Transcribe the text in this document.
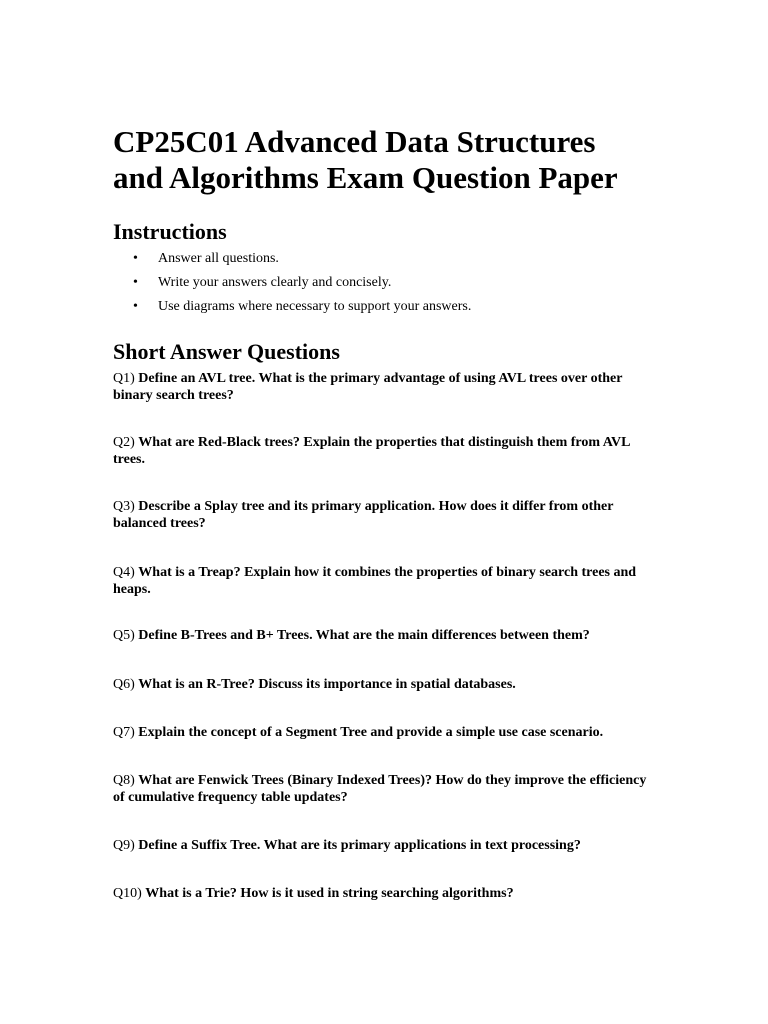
CP25C01 Advanced Data Structures and Algorithms Exam Question Paper
Instructions
• Answer all questions.
• Write your answers clearly and concisely.
• Use diagrams where necessary to support your answers.
Short Answer Questions
Q1) Define an AVL tree. What is the primary advantage of using AVL trees over other binary search trees?
Q2) What are Red-Black trees? Explain the properties that distinguish them from AVL trees.
Q3) Describe a Splay tree and its primary application. How does it differ from other balanced trees?
Q4) What is a Treap? Explain how it combines the properties of binary search trees and heaps.
Q5) Define B-Trees and B+ Trees. What are the main differences between them?
Q6) What is an R-Tree? Discuss its importance in spatial databases.
Q7) Explain the concept of a Segment Tree and provide a simple use case scenario.
Q8) What are Fenwick Trees (Binary Indexed Trees)? How do they improve the efficiency of cumulative frequency table updates?
Q9) Define a Suffix Tree. What are its primary applications in text processing?
Q10) What is a Trie? How is it used in string searching algorithms?
